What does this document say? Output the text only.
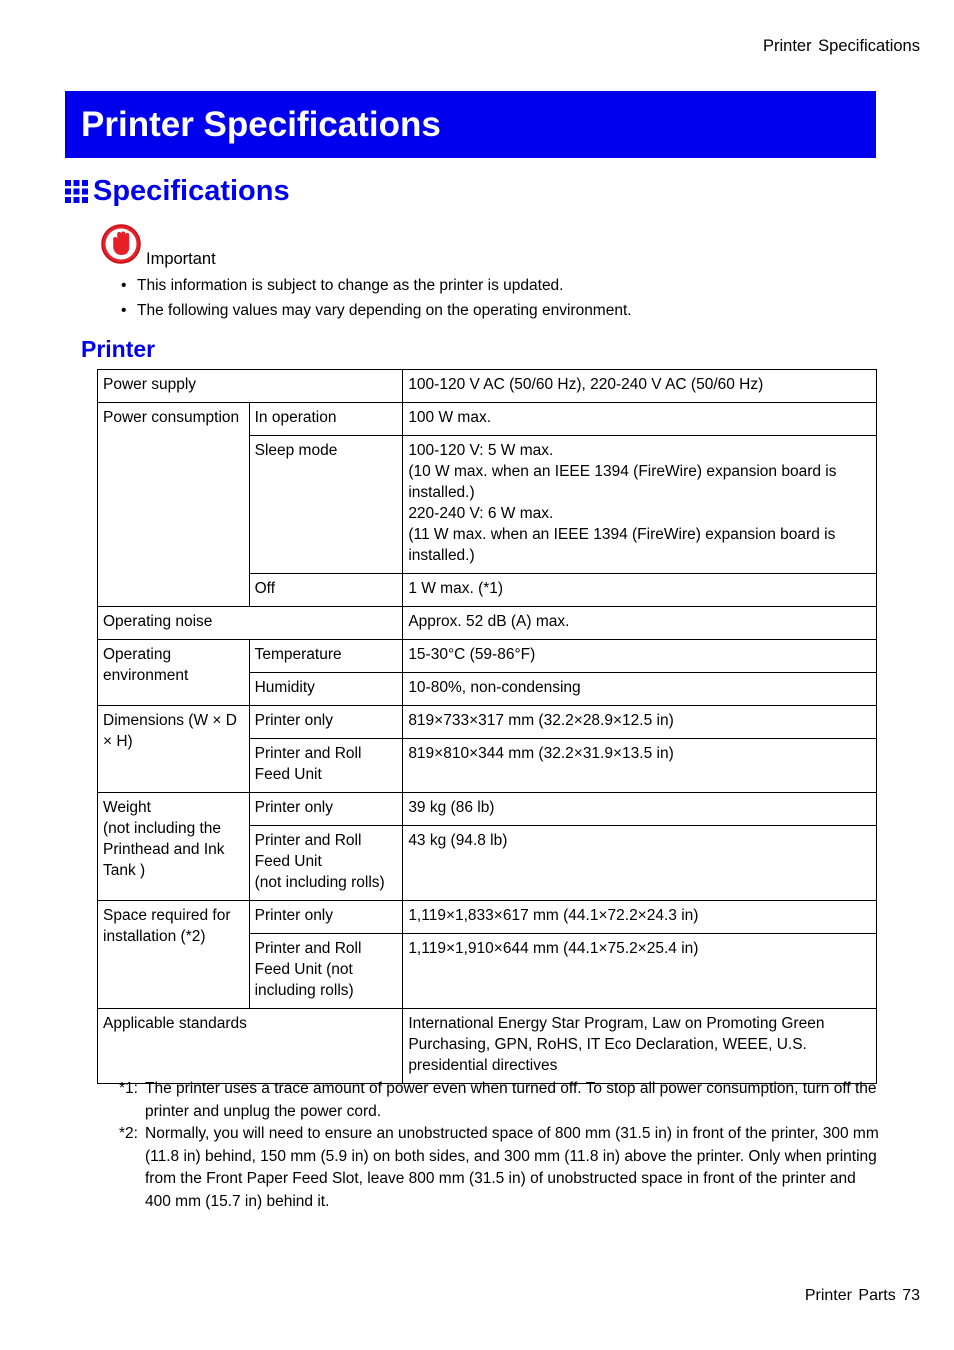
Printer Specifications
Printer Specifications
Specifications
Important
• This information is subject to change as the printer is updated.
• The following values may vary depending on the operating environment.
Printer
Power supply		100-120 V AC (50/60 Hz), 220-240 V AC (50/60 Hz)
Power consumption	In operation	100 W max.
	Sleep mode	100-120 V: 5 W max.
(10 W max. when an IEEE 1394 (FireWire) expansion board is installed.)
220-240 V: 6 W max.
(11 W max. when an IEEE 1394 (FireWire) expansion board is installed.)
	Off	1 W max. (*1)
Operating noise		Approx. 52 dB (A) max.
Operating environment	Temperature	15-30°C (59-86°F)
	Humidity	10-80%, non-condensing
Dimensions (W × D × H)	Printer only	819×733×317 mm (32.2×28.9×12.5 in)
	Printer and Roll Feed Unit	819×810×344 mm (32.2×31.9×13.5 in)
Weight
(not including the Printhead and Ink Tank )	Printer only	39 kg (86 lb)
	Printer and Roll Feed Unit
(not including rolls)	43 kg (94.8 lb)
Space required for installation (*2)	Printer only	1,119×1,833×617 mm (44.1×72.2×24.3 in)
	Printer and Roll Feed Unit (not including rolls)	1,119×1,910×644 mm (44.1×75.2×25.4 in)
Applicable standards		International Energy Star Program, Law on Promoting Green Purchasing, GPN, RoHS, IT Eco Declaration, WEEE, U.S. presidential directives
*1: The printer uses a trace amount of power even when turned off. To stop all power consumption, turn off the printer and unplug the power cord.
*2: Normally, you will need to ensure an unobstructed space of 800 mm (31.5 in) in front of the printer, 300 mm (11.8 in) behind, 150 mm (5.9 in) on both sides, and 300 mm (11.8 in) above the printer. Only when printing from the Front Paper Feed Slot, leave 800 mm (31.5 in) of unobstructed space in front of the printer and 400 mm (15.7 in) behind it.
Printer Parts 73
